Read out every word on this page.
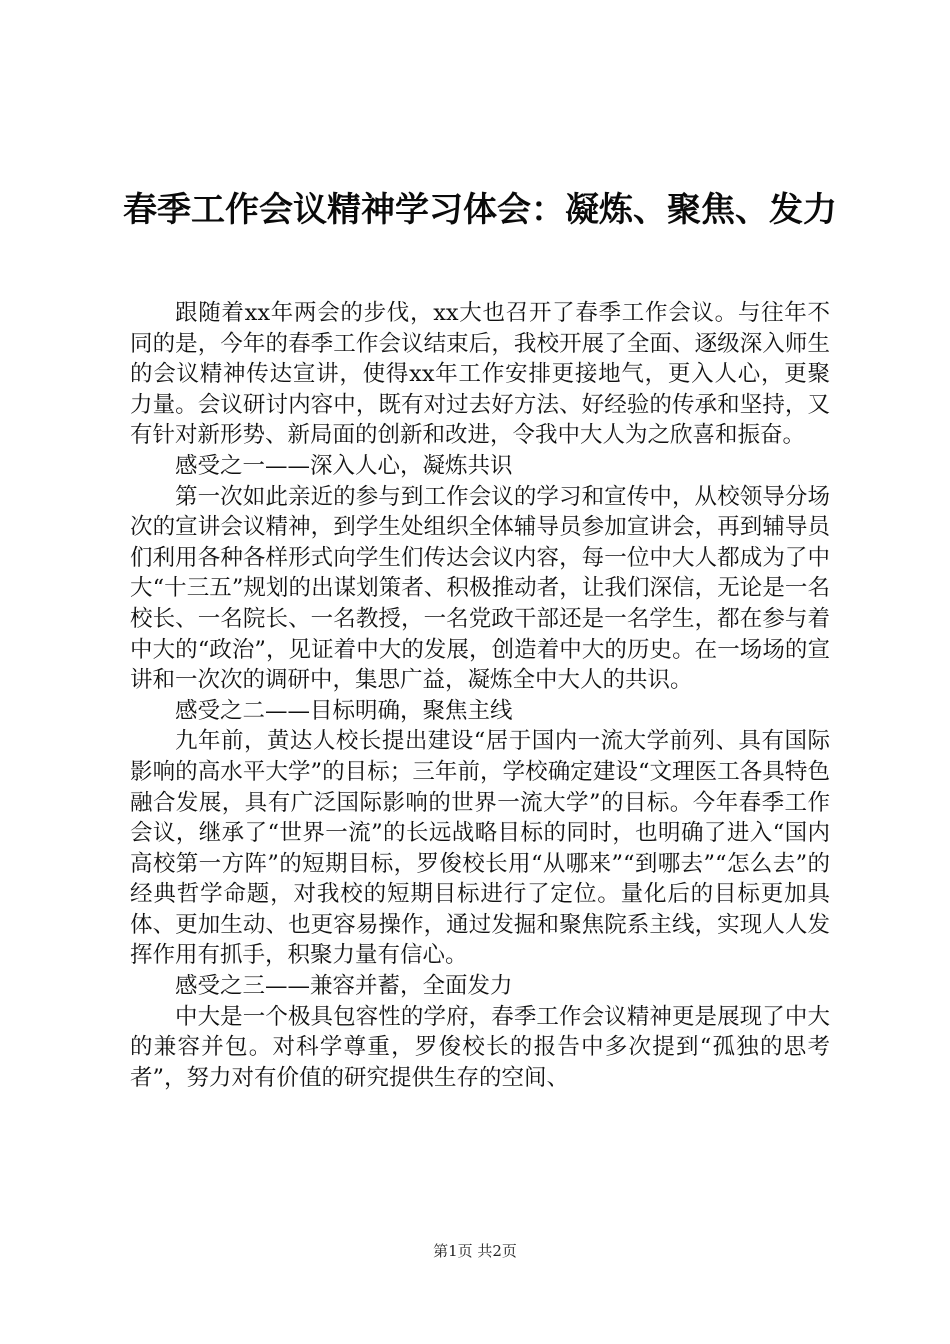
春季工作会议精神学习体会：凝炼、聚焦、发力

跟随着xx年两会的步伐，xx大也召开了春季工作会议。与往年不同的是，今年的春季工作会议结束后，我校开展了全面、逐级深入师生的会议精神传达宣讲，使得xx年工作安排更接地气，更入人心，更聚力量。会议研讨内容中，既有对过去好方法、好经验的传承和坚持，又有针对新形势、新局面的创新和改进，令我中大人为之欣喜和振奋。

感受之一——深入人心，凝炼共识

第一次如此亲近的参与到工作会议的学习和宣传中，从校领导分场次的宣讲会议精神，到学生处组织全体辅导员参加宣讲会，再到辅导员们利用各种各样形式向学生们传达会议内容，每一位中大人都成为了中大“十三五”规划的出谋划策者、积极推动者，让我们深信，无论是一名校长、一名院长、一名教授，一名党政干部还是一名学生，都在参与着中大的“政治”，见证着中大的发展，创造着中大的历史。在一场场的宣讲和一次次的调研中，集思广益，凝炼全中大人的共识。

感受之二——目标明确，聚焦主线

九年前，黄达人校长提出建设“居于国内一流大学前列、具有国际影响的高水平大学”的目标；三年前，学校确定建设“文理医工各具特色融合发展，具有广泛国际影响的世界一流大学”的目标。今年春季工作会议，继承了“世界一流”的长远战略目标的同时，也明确了进入“国内高校第一方阵”的短期目标，罗俊校长用“从哪来”“到哪去”“怎么去”的经典哲学命题，对我校的短期目标进行了定位。量化后的目标更加具体、更加生动、也更容易操作，通过发掘和聚焦院系主线，实现人人发挥作用有抓手，积聚力量有信心。

感受之三——兼容并蓄，全面发力

中大是一个极具包容性的学府，春季工作会议精神更是展现了中大的兼容并包。对科学尊重，罗俊校长的报告中多次提到“孤独的思考者”，努力对有价值的研究提供生存的空间、

第1页 共2页
